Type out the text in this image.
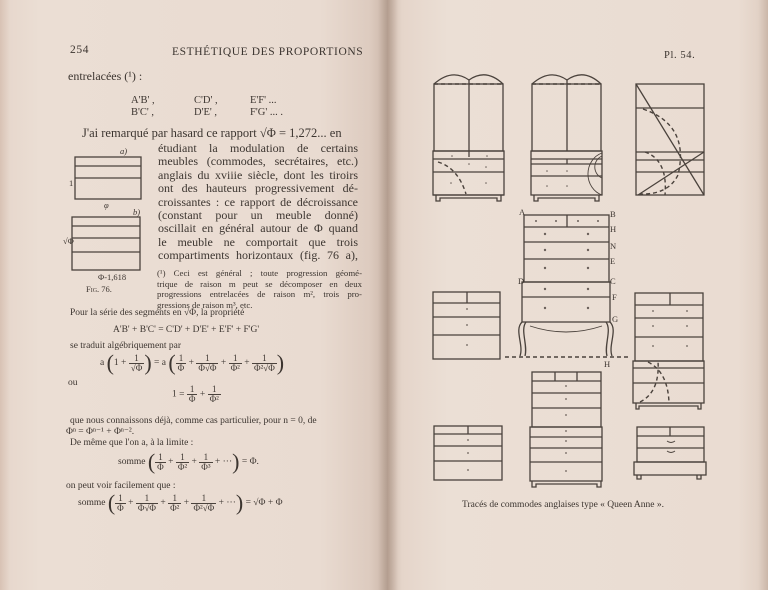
254	ESTHÉTIQUE DES PROPORTIONS
entrelacées (¹) :
A'B' ,	C'D' ,	E'F' ...
B'C' ,	D'E' ,	F'G' ... .
J'ai remarqué par hasard ce rapport √Φ = 1,272... en
étudiant la modulation de certains
meubles (commodes, secrétaires, etc.)
anglais du xviiie siècle, dont les tiroirs
ont des hauteurs progressivement dé-
croissantes : ce rapport de décroissance
(constant pour un meuble donné)
oscillait en général autour de Φ quand
le meuble ne comportait que trois
compartiments horizontaux (fig. 76 a),
a)
1
φ
b)
√Φ
Φ-1,618
Fig. 76.
(¹) Ceci est général ; toute progression géomé-
trique de raison m peut se décomposer en deux
progressions entrelacées de raison m², trois pro-
gressions de raison m³, etc.
Pour la série des segments en √Φ, la propriété
A'B' + B'C' = C'D' + D'E' + E'F' + F'G'
se traduit algébriquement par
a ($1 + \frac{1}{√\Phi}$ ) = a ( $\frac{1}{\Phi} + \frac{1}{\Phi√\Phi} + \frac{1}{\text{Φ²}} + \frac{1}{\text{Φ²√Φ}}$ )
ou
$1 = \frac{1}{\Phi} + \frac{1}{\text{Φ²}}$
que nous connaissons déjà, comme cas particulier, pour n = 0, de
Φⁿ = Φⁿ⁻¹ + Φⁿ⁻².
De même que l'on a, à la limite :
somme ( $\frac{1}{\Phi} + \frac{1}{\text{Φ²}} + \frac{1}{\text{Φ³}}$ + ···) = Φ.
on peut voir facilement que :
somme ( $\frac{1}{\Phi} + \frac{1}{\Phi√\Phi} + \frac{1}{\text{Φ²}} + \frac{1}{\text{Φ²√Φ}}$ + ···) = √Φ + Φ
Pl. 54.
A	B
H
N
E
C
F
G
D
H
Tracés de commodes anglaises type « Queen Anne ».
